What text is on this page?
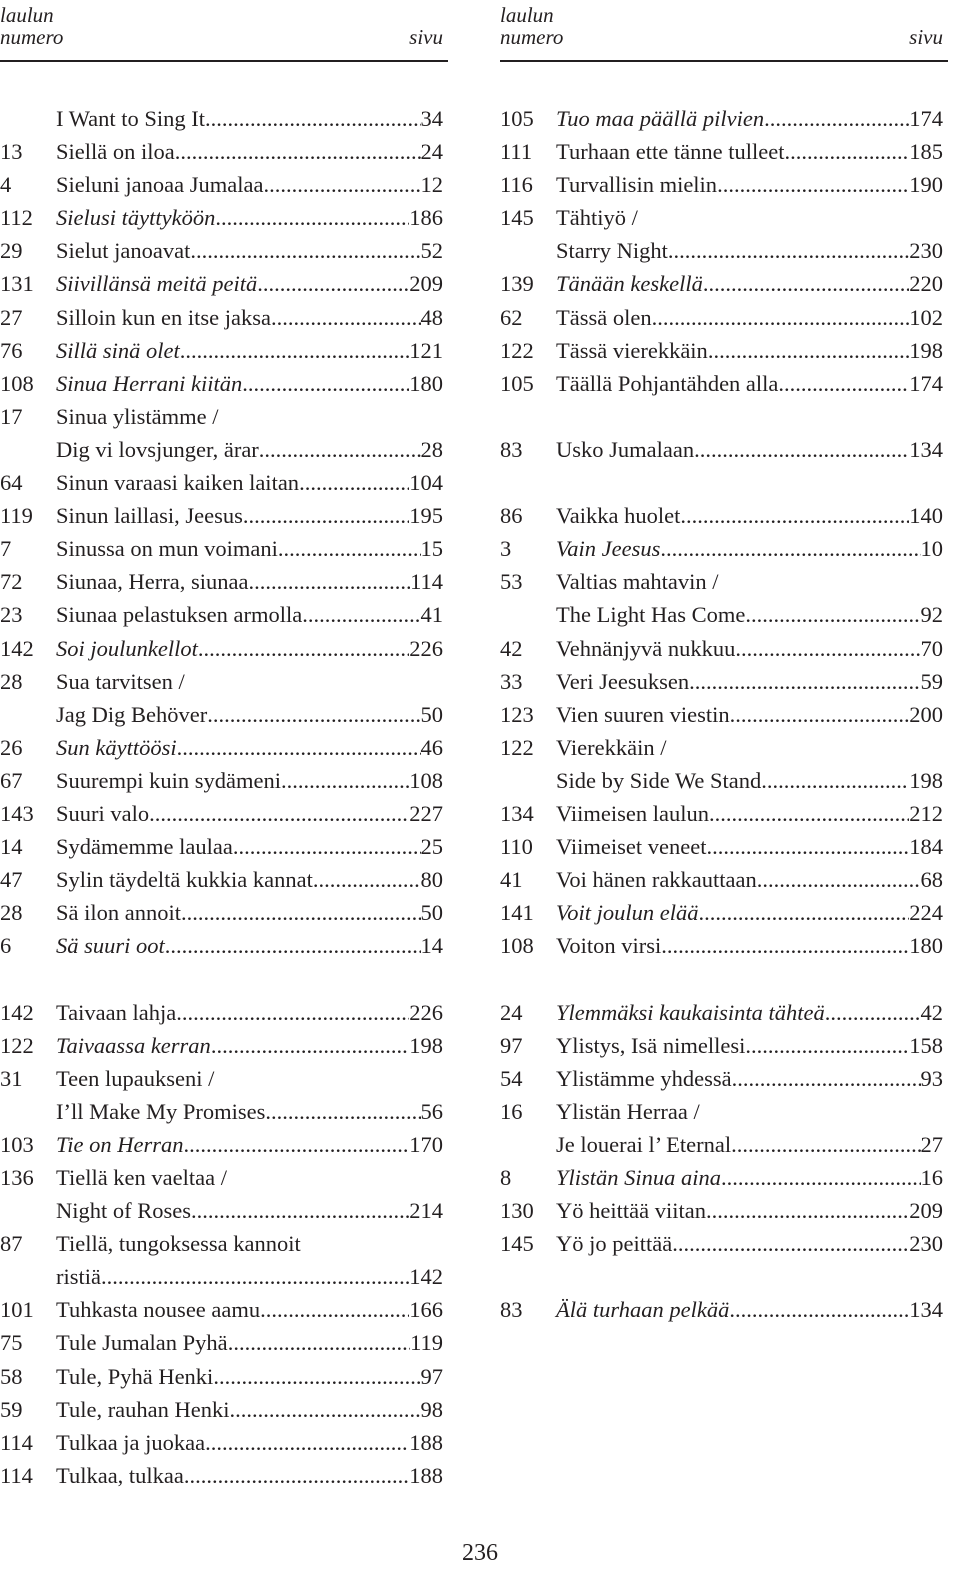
laulun
numero	sivu
I Want to Sing It .....	34
13 Siellä on iloa .....	24
4 Sieluni janoaa Jumalaa .....	12
112 Sielusi täyttyköön .....	186
29 Sielut janoavat .....	52
131 Siivillänsä meitä peitä .....	209
27 Silloin kun en itse jaksa .....	48
76 Sillä sinä olet .....	121
108 Sinua Herrani kiitän .....	180
17 Sinua ylistämme /
Dig vi lovsjunger, ärar .....	28
64 Sinun varaasi kaiken laitan .....	104
119 Sinun laillasi, Jeesus .....	195
7 Sinussa on mun voimani .....	15
72 Siunaa, Herra, siunaa .....	114
23 Siunaa pelastuksen armolla .....	41
142 Soi joulunkellot .....	226
28 Sua tarvitsen /
Jag Dig Behöver .....	50
26 Sun käyttöösi .....	46
67 Suurempi kuin sydämeni .....	108
143 Suuri valo .....	227
14 Sydämemme laulaa .....	25
47 Sylin täydeltä kukkia kannat .....	80
28 Sä ilon annoit .....	50
6 Sä suuri oot .....	14
142 Taivaan lahja .....	226
122 Taivaassa kerran .....	198
31 Teen lupaukseni /
I’ll Make My Promises .....	56
103 Tie on Herran .....	170
136 Tiellä ken vaeltaa /
Night of Roses .....	214
87 Tiellä, tungoksessa kannoit
ristiä .....	142
101 Tuhkasta nousee aamu .....	166
75 Tule Jumalan Pyhä .....	119
58 Tule, Pyhä Henki .....	97
59 Tule, rauhan Henki .....	98
114 Tulkaa ja juokaa .....	188
114 Tulkaa, tulkaa .....	188
laulun
numero	sivu
105 Tuo maa päällä pilvien .....	174
111 Turhaan ette tänne tulleet .....	185
116 Turvallisin mielin .....	190
145 Tähtiyö /
Starry Night .....	230
139 Tänään keskellä .....	220
62 Tässä olen .....	102
122 Tässä vierekkäin .....	198
105 Täällä Pohjantähden alla .....	174
83 Usko Jumalaan .....	134
86 Vaikka huolet .....	140
3 Vain Jeesus .....	10
53 Valtias mahtavin /
The Light Has Come .....	92
42 Vehnänjyvä nukkuu .....	70
33 Veri Jeesuksen .....	59
123 Vien suuren viestin .....	200
122 Vierekkäin /
Side by Side We Stand .....	198
134 Viimeisen laulun .....	212
110 Viimeiset veneet .....	184
41 Voi hänen rakkauttaan .....	68
141 Voit joulun elää .....	224
108 Voiton virsi .....	180
24 Ylemmäksi kaukaisinta tähteä .....	42
97 Ylistys, Isä nimellesi .....	158
54 Ylistämme yhdessä .....	93
16 Ylistän Herraa /
Je louerai l’ Eternal .....	27
8 Ylistän Sinua aina .....	16
130 Yö heittää viitan .....	209
145 Yö jo peittää .....	230
83 Älä turhaan pelkää .....	134
236
